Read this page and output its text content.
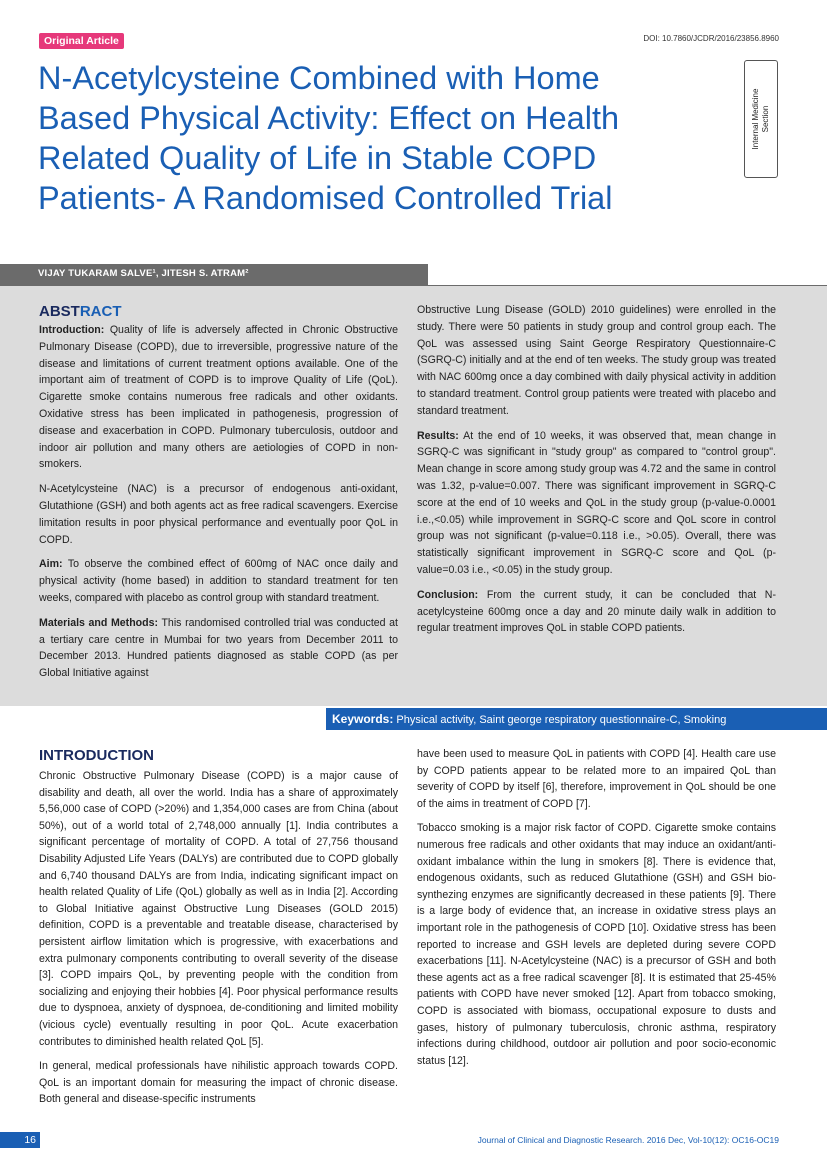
Original Article	DOI: 10.7860/JCDR/2016/23856.8960
N-Acetylcysteine Combined with Home Based Physical Activity: Effect on Health Related Quality of Life in Stable COPD Patients- A Randomised Controlled Trial
Internal Medicine
Section
VIJAY TUKARAM SALVE¹, JITESH S. ATRAM²
ABSTRACT

Introduction: Quality of life is adversely affected in Chronic Obstructive Pulmonary Disease (COPD), due to irreversible, progressive nature of the disease and limitations of current treatment options available. One of the important aim of treatment of COPD is to improve Quality of Life (QoL). Cigarette smoke contains numerous free radicals and other oxidants. Oxidative stress has been implicated in pathogenesis, progression of disease and exacerbation in COPD. Pulmonary tuberculosis, outdoor and indoor air pollution and many others are aetiologies of COPD in non-smokers.

N-Acetylcysteine (NAC) is a precursor of endogenous anti-oxidant, Glutathione (GSH) and both agents act as free radical scavengers. Exercise limitation results in poor physical performance and eventually poor QoL in COPD.

Aim: To observe the combined effect of 600mg of NAC once daily and physical activity (home based) in addition to standard treatment for ten weeks, compared with placebo as control group with standard treatment.

Materials and Methods: This randomised controlled trial was conducted at a tertiary care centre in Mumbai for two years from December 2011 to December 2013. Hundred patients diagnosed as stable COPD (as per Global Initiative against

Obstructive Lung Disease (GOLD) 2010 guidelines) were enrolled in the study. There were 50 patients in study group and control group each. The QoL was assessed using Saint George Respiratory Questionnaire-C (SGRQ-C) initially and at the end of ten weeks. The study group was treated with NAC 600mg once a day combined with daily physical activity in addition to standard treatment. Control group patients were treated with placebo and standard treatment.

Results: At the end of 10 weeks, it was observed that, mean change in SGRQ-C was significant in "study group" as compared to "control group". Mean change in score among study group was 4.72 and the same in control was 1.32, p-value=0.007. There was significant improvement in SGRQ-C score at the end of 10 weeks and QoL in the study group (p-value-0.0001 i.e.,<0.05) while improvement in SGRQ-C score and QoL score in control group was not significant (p-value=0.118 i.e., >0.05). Overall, there was statistically significant improvement in SGRQ-C score and QoL (p-value=0.03 i.e., <0.05) in the study group.

Conclusion: From the current study, it can be concluded that N-acetylcysteine 600mg once a day and 20 minute daily walk in addition to regular treatment improves QoL in stable COPD patients.

Keywords: Physical activity, Saint george respiratory questionnaire-C, Smoking
INTRODUCTION

Chronic Obstructive Pulmonary Disease (COPD) is a major cause of disability and death, all over the world. India has a share of approximately 5,56,000 case of COPD (>20%) and 1,354,000 cases are from China (about 50%), out of a world total of 2,748,000 annually [1]. India contributes a significant percentage of mortality of COPD. A total of 27,756 thousand Disability Adjusted Life Years (DALYs) are contributed due to COPD globally and 6,740 thousand DALYs are from India, indicating significant impact on health related Quality of Life (QoL) globally as well as in India [2]. According to Global Initiative against Obstructive Lung Diseases (GOLD 2015) definition, COPD is a preventable and treatable disease, characterised by persistent airflow limitation which is progressive, with exacerbations and extra pulmonary components contributing to overall severity of the disease [3]. COPD impairs QoL, by preventing people with the condition from socializing and enjoying their hobbies [4]. Poor physical performance results due to dyspnoea, anxiety of dyspnoea, de-conditioning and limited mobility (vicious cycle) eventually resulting in poor QoL. Acute exacerbation contributes to diminished health related QoL [5].

In general, medical professionals have nihilistic approach towards COPD. QoL is an important domain for measuring the impact of chronic disease. Both general and disease-specific instruments

have been used to measure QoL in patients with COPD [4]. Health care use by COPD patients appear to be related more to an impaired QoL than severity of COPD by itself [6], therefore, improvement in QoL should be one of the aims in treatment of COPD [7].

Tobacco smoking is a major risk factor of COPD. Cigarette smoke contains numerous free radicals and other oxidants that may induce an oxidant/anti-oxidant imbalance within the lung in smokers [8]. There is evidence that, endogenous oxidants, such as reduced Glutathione (GSH) and GSH bio-synthezing enzymes are significantly decreased in these patients [9]. There is a large body of evidence that, an increase in oxidative stress plays an important role in the pathogenesis of COPD [10]. Oxidative stress has been reported to increase and GSH levels are depleted during severe COPD exacerbations [11]. N-Acetylcysteine (NAC) is a precursor of GSH and both these agents act as a free radical scavenger [8]. It is estimated that 25-45% patients with COPD have never smoked [12]. Apart from tobacco smoking, COPD is associated with biomass, occupational exposure to dusts and gases, history of pulmonary tuberculosis, chronic asthma, respiratory infections during childhood, outdoor air pollution and poor socio-economic status [12].

16	Journal of Clinical and Diagnostic Research. 2016 Dec, Vol-10(12): OC16-OC19
